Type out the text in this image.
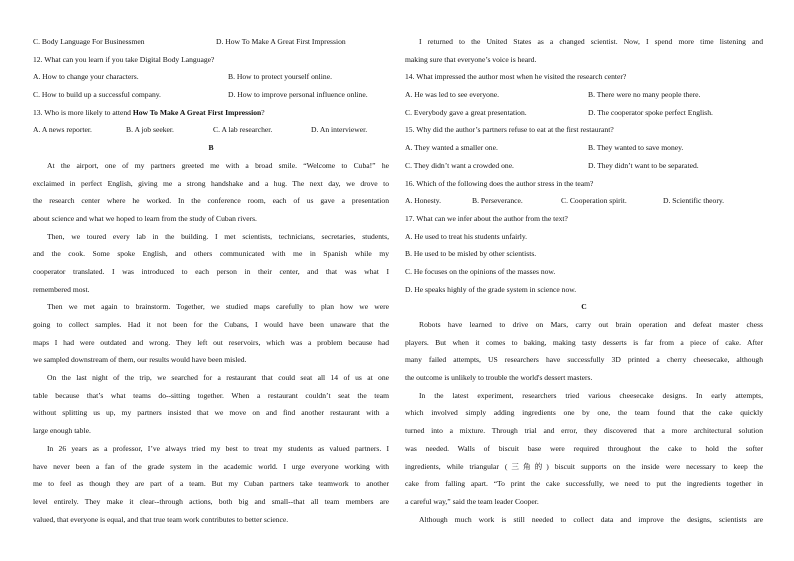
C. Body Language For Businessmen	D. How To Make A Great First Impression
12. What can you learn if you take Digital Body Language?
A. How to change your characters.	B. How to protect yourself online.
C. How to build up a successful company.	D. How to improve personal influence online.
13. Who is more likely to attend How To Make A Great First Impression?
A. A news reporter.	B. A job seeker.	C. A lab researcher.	D. An interviewer.
B
At the airport, one of my partners greeted me with a broad smile. “Welcome to Cuba!” he
exclaimed in perfect English, giving me a strong handshake and a hug. The next day, we drove to
the research center where he worked. In the conference room, each of us gave a presentation
about science and what we hoped to learn from the study of Cuban rivers.
Then, we toured every lab in the building. I met scientists, technicians, secretaries, students,
and the cook. Some spoke English, and others communicated with me in Spanish while my
cooperator translated. I was introduced to each person in their center, and that was what I
remembered most.
Then we met again to brainstorm. Together, we studied maps carefully to plan how we were
going to collect samples. Had it not been for the Cubans, I would have been unaware that the
maps I had were outdated and wrong. They left out reservoirs, which was a problem because had
we sampled downstream of them, our results would have been misled.
On the last night of the trip, we searched for a restaurant that could seat all 14 of us at one
table because that’s what teams do--sitting together. When a restaurant couldn’t seat the team
without splitting us up, my partners insisted that we move on and find another restaurant with a
large enough table.
In 26 years as a professor, I’ve always tried my best to treat my students as valued partners. I
have never been a fan of the grade system in the academic world. I urge everyone working with
me to feel as though they are part of a team. But my Cuban partners take teamwork to another
level entirely. They make it clear--through actions, both big and small--that all team members are
valued, that everyone is equal, and that true team work contributes to better science.
I returned to the United States as a changed scientist. Now, I spend more time listening and
making sure that everyone’s voice is heard.
14. What impressed the author most when he visited the research center?
A. He was led to see everyone.	B. There were no many people there.
C. Everybody gave a great presentation.	D. The cooperator spoke perfect English.
15. Why did the author’s partners refuse to eat at the first restaurant?
A. They wanted a smaller one.	B. They wanted to save money.
C. They didn’t want a crowded one.	D. They didn’t want to be separated.
16. Which of the following does the author stress in the team?
A. Honesty.	B. Perseverance.	C. Cooperation spirit.	D. Scientific theory.
17. What can we infer about the author from the text?
A. He used to treat his students unfairly.
B. He used to be misled by other scientists.
C. He focuses on the opinions of the masses now.
D. He speaks highly of the grade system in science now.
C
Robots have learned to drive on Mars, carry out brain operation and defeat master chess
players. But when it comes to baking, making tasty desserts is far from a piece of cake. After
many failed attempts, US researchers have successfully 3D printed a cherry cheesecake, although
the outcome is unlikely to trouble the world's dessert masters.
In the latest experiment, researchers tried various cheesecake designs. In early attempts,
which involved simply adding ingredients one by one, the team found that the cake quickly
turned into a mixture. Through trial and error, they discovered that a more architectural solution
was needed. Walls of biscuit base were required throughout the cake to hold the softer
ingredients, while triangular (三角的) biscuit supports on the inside were necessary to keep the
cake from falling apart. “To print the cake successfully, we need to put the ingredients together in
a careful way,” said the team leader Cooper.
Although much work is still needed to collect data and improve the designs, scientists are
